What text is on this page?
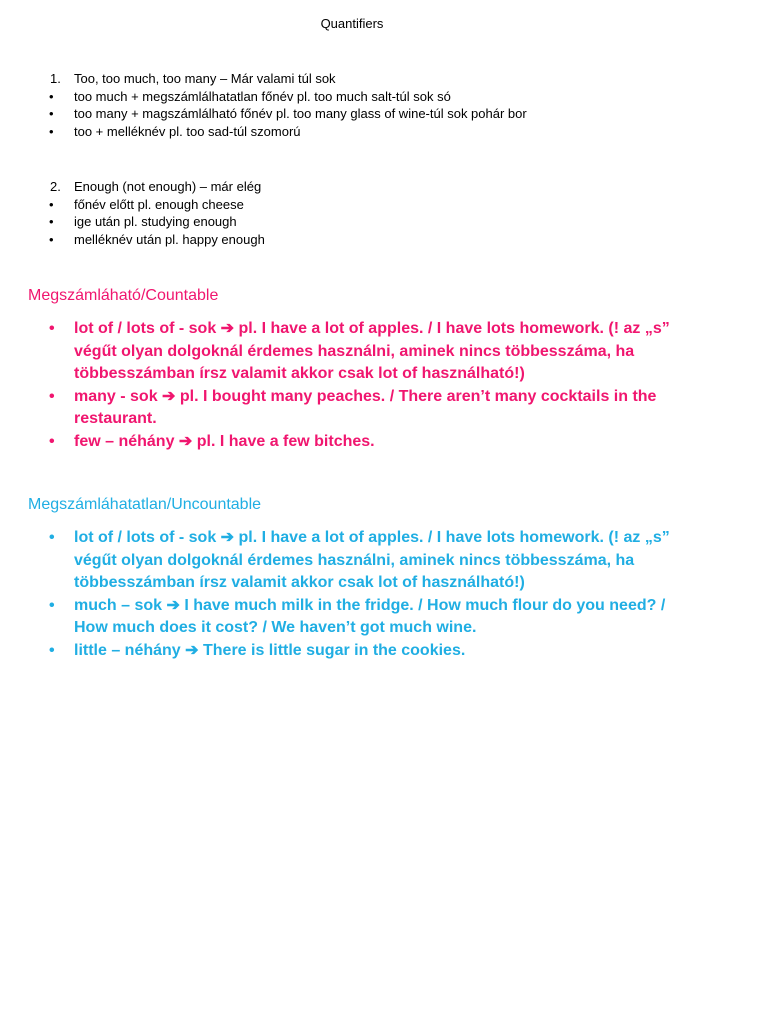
Quantifiers
1. Too, too much, too many – Már valami túl sok

• too much + megszámlálhatatlan főnév pl. too much salt-túl sok só

• too many + magszámlálható főnév pl. too many glass of wine-túl sok pohár bor

• too + melléknév pl. too sad-túl szomorú

2. Enough (not enough) – már elég

• főnév előtt pl. enough cheese

• ige után pl. studying enough

• melléknév után pl. happy enough

Megszámláható/Countable
• lot of / lots of - sok ➔ pl. I have a lot of apples. / I have lots homework. (! az „s” végűt olyan dolgoknál érdemes használni, aminek nincs többesszáma, ha többesszámban írsz valamit akkor csak lot of használható!)
• many - sok ➔ pl. I bought many peaches. / There aren’t many cocktails in the restaurant.
• few – néhány ➔ pl. I have a few bitches.
Megszámláhatatlan/Uncountable
• lot of / lots of - sok ➔ pl. I have a lot of apples. / I have lots homework. (! az „s” végűt olyan dolgoknál érdemes használni, aminek nincs többesszáma, ha többesszámban írsz valamit akkor csak lot of használható!)
• much – sok ➔ I have much milk in the fridge. / How much flour do you need? / How much does it cost? / We haven’t got much wine.
• little – néhány ➔ There is little sugar in the cookies.
